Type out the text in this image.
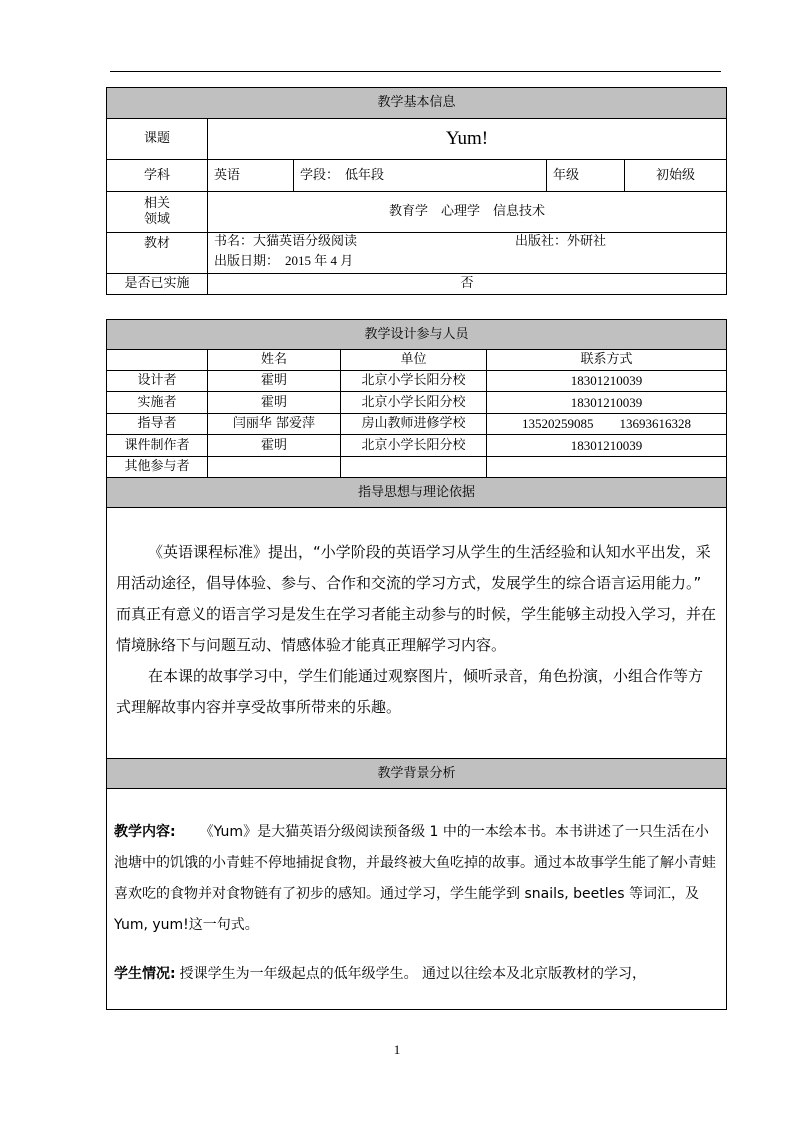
教学基本信息				
课题	Yum!			
学科	英语	学段： 低年段	年级	初始级

相关
领域	教育学　心理学　信息技术			
教材	书名：大猫英语分级阅读 出版社：外研社
出版日期： 2015 年 4 月			

是否已实施	否			
教学设计参与人员			
	姓名	单位	联系方式
设计者	霍明	北京小学长阳分校	18301210039
实施者	霍明	北京小学长阳分校	18301210039
指导者	闫丽华 郜爱萍	房山教师进修学校	13520259085　　13693616328
课件制作者	霍明	北京小学长阳分校	18301210039
其他参与者			
指导思想与理论依据			

《英语课程标准》提出，“小学阶段的英语学习从学生的生活经验和认知水平出发，采用活动途径，倡导体验、参与、合作和交流的学习方式，发展学生的综合语言运用能力。” 而真正有意义的语言学习是发生在学习者能主动参与的时候，学生能够主动投入学习，并在情境脉络下与问题互动、情感体验才能真正理解学习内容。

在本课的故事学习中，学生们能通过观察图片，倾听录音，角色扮演，小组合作等方式理解故事内容并享受故事所带来的乐趣。			

教学背景分析			

教学内容: 《Yum》是大猫英语分级阅读预备级 1 中的一本绘本书。本书讲述了一只生活在小池塘中的饥饿的小青蛙不停地捕捉食物，并最终被大鱼吃掉的故事。通过本故事学生能了解小青蛙喜欢吃的食物并对食物链有了初步的感知。通过学习，学生能学到 snails, beetles 等词汇，及 Yum, yum!这一句式。

学生情况: 授课学生为一年级起点的低年级学生。 通过以往绘本及北京版教材的学习，			

1
